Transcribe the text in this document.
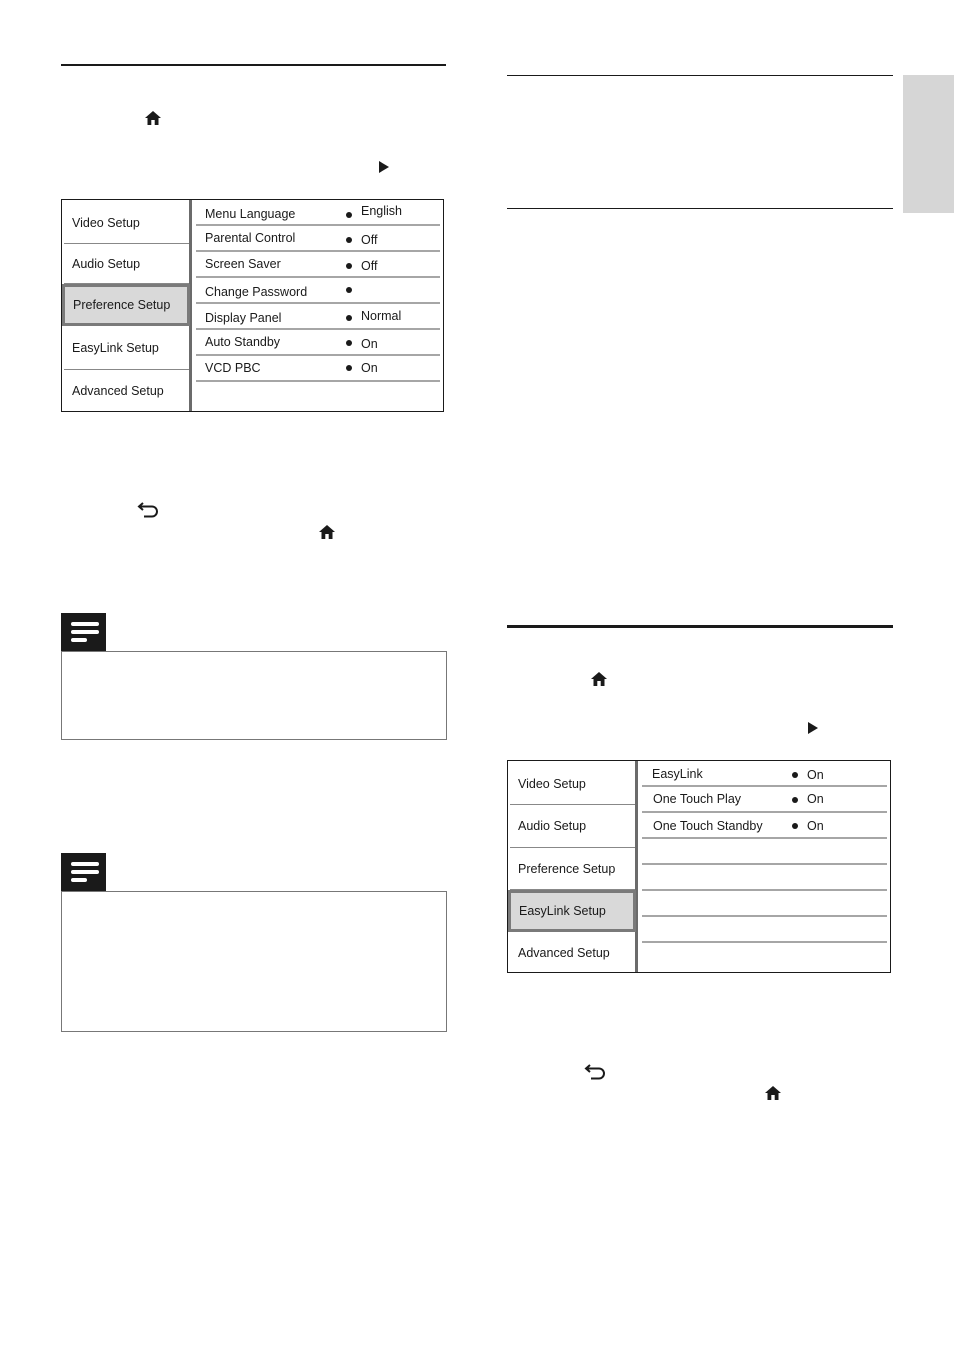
Video Setup
Audio Setup
Preference Setup
EasyLink Setup
Advanced Setup
Menu Language	English
Parental Control	Off
Screen Saver	Off
Change Password
Display Panel	Normal
Auto Standby	On
VCD PBC	On
Video Setup
Audio Setup
Preference Setup
EasyLink Setup
Advanced Setup
EasyLink	On
One Touch Play	On
One Touch Standby	On
